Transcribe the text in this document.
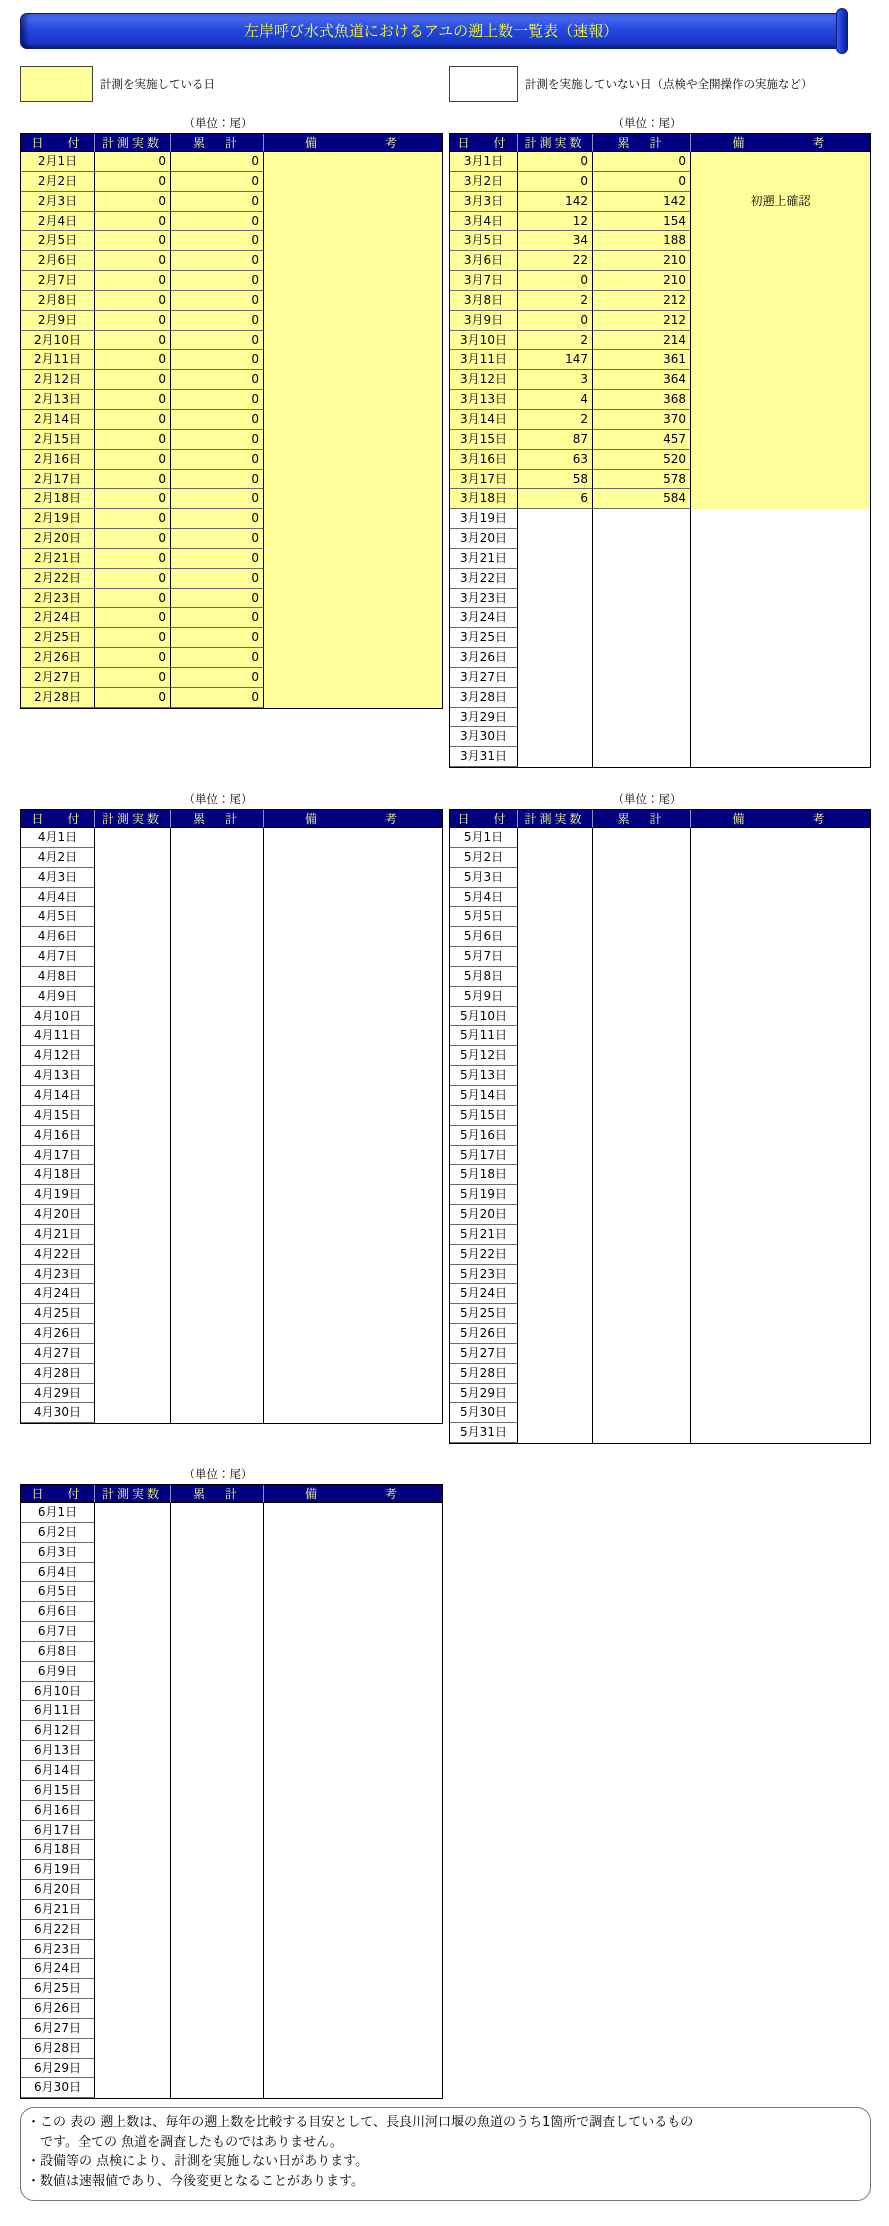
左岸呼び水式魚道におけるアユの遡上数一覧表（速報）
計測を実施している日	計測を実施していない日（点検や全開操作の実施など）
（単位：尾）
日　付	計測実数	累　計	備　　　考
2月1日	0	0
2月2日	0	0
2月3日	0	0
2月4日	0	0
2月5日	0	0
2月6日	0	0
2月7日	0	0
2月8日	0	0
2月9日	0	0
2月10日	0	0
2月11日	0	0
2月12日	0	0
2月13日	0	0
2月14日	0	0
2月15日	0	0
2月16日	0	0
2月17日	0	0
2月18日	0	0
2月19日	0	0
2月20日	0	0
2月21日	0	0
2月22日	0	0
2月23日	0	0
2月24日	0	0
2月25日	0	0
2月26日	0	0
2月27日	0	0
2月28日	0	0
（単位：尾）
日　付	計測実数	累　計	備　　　考
3月1日	0	0
3月2日	0	0
3月3日	142	142	初遡上確認
3月4日	12	154
3月5日	34	188
3月6日	22	210
3月7日	0	210
3月8日	2	212
3月9日	0	212
3月10日	2	214
3月11日	147	361
3月12日	3	364
3月13日	4	368
3月14日	2	370
3月15日	87	457
3月16日	63	520
3月17日	58	578
3月18日	6	584
3月19日
3月20日
3月21日
3月22日
3月23日
3月24日
3月25日
3月26日
3月27日
3月28日
3月29日
3月30日
3月31日
（単位：尾）
日　付	計測実数	累　計	備　　　考
4月1日
4月2日
4月3日
4月4日
4月5日
4月6日
4月7日
4月8日
4月9日
4月10日
4月11日
4月12日
4月13日
4月14日
4月15日
4月16日
4月17日
4月18日
4月19日
4月20日
4月21日
4月22日
4月23日
4月24日
4月25日
4月26日
4月27日
4月28日
4月29日
4月30日
（単位：尾）
日　付	計測実数	累　計	備　　　考
5月1日
5月2日
5月3日
5月4日
5月5日
5月6日
5月7日
5月8日
5月9日
5月10日
5月11日
5月12日
5月13日
5月14日
5月15日
5月16日
5月17日
5月18日
5月19日
5月20日
5月21日
5月22日
5月23日
5月24日
5月25日
5月26日
5月27日
5月28日
5月29日
5月30日
5月31日
（単位：尾）
日　付	計測実数	累　計	備　　　考
6月1日
6月2日
6月3日
6月4日
6月5日
6月6日
6月7日
6月8日
6月9日
6月10日
6月11日
6月12日
6月13日
6月14日
6月15日
6月16日
6月17日
6月18日
6月19日
6月20日
6月21日
6月22日
6月23日
6月24日
6月25日
6月26日
6月27日
6月28日
6月29日
6月30日
・この 表の 遡上数は、毎年の遡上数を比較する目安として、長良川河口堰の魚道のうち1箇所で調査しているもの
です。全ての 魚道を調査したものではありません。
・設備等の 点検により、計測を実施しない日があります。
・数値は速報値であり、今後変更となることがあります。
